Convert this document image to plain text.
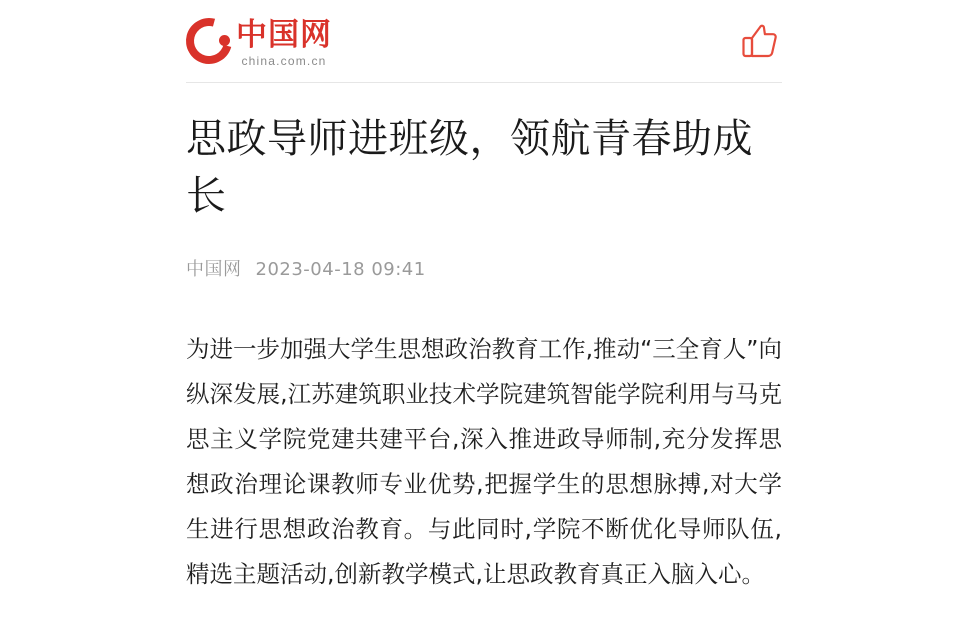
中国网
china.com.cn
思政导师进班级，领航青春助成长
中国网 2023-04-18 09:41

为进一步加强大学生思想政治教育工作,推动“三全育人”向纵深发展,江苏建筑职业技术学院建筑智能学院利用与马克思主义学院党建共建平台,深入推进政导师制,充分发挥思想政治理论课教师专业优势,把握学生的思想脉搏,对大学生进行思想政治教育。与此同时,学院不断优化导师队伍,精选主题活动,创新教学模式,让思政教育真正入脑入心。
